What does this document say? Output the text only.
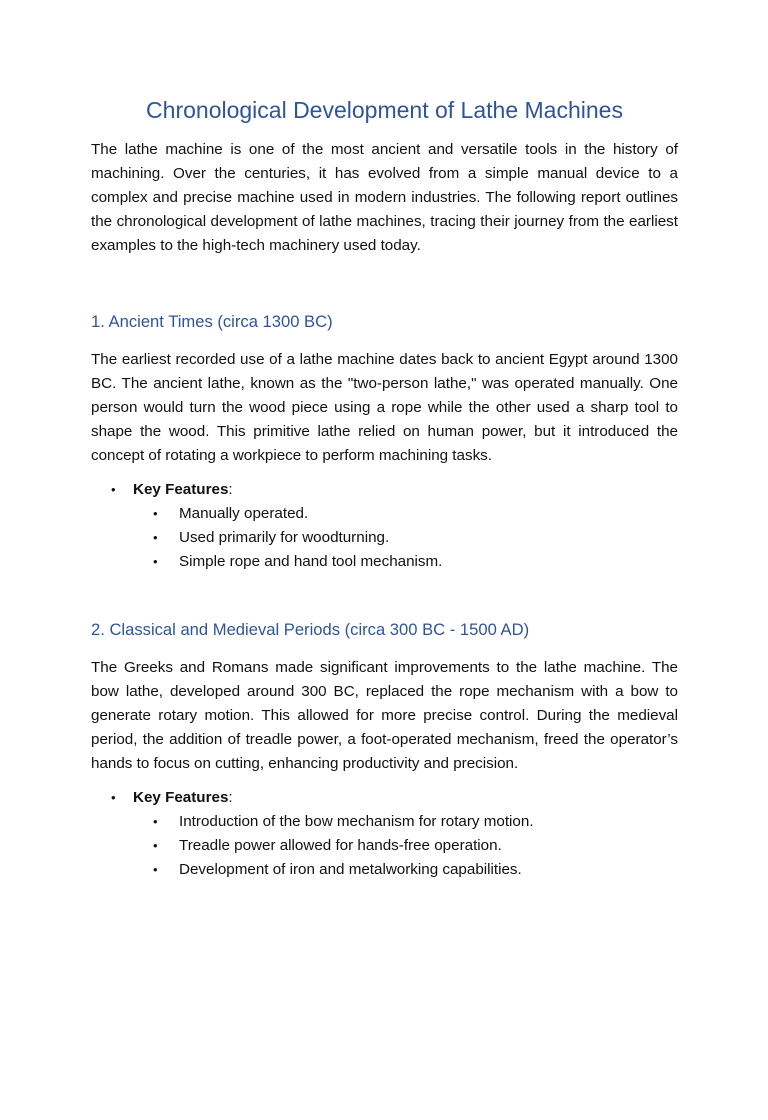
Chronological Development of Lathe Machines

The lathe machine is one of the most ancient and versatile tools in the history of machining. Over the centuries, it has evolved from a simple manual device to a complex and precise machine used in modern industries. The following report outlines the chronological development of lathe machines, tracing their journey from the earliest examples to the high-tech machinery used today.

1. Ancient Times (circa 1300 BC)

The earliest recorded use of a lathe machine dates back to ancient Egypt around 1300 BC. The ancient lathe, known as the "two-person lathe," was operated manually. One person would turn the wood piece using a rope while the other used a sharp tool to shape the wood. This primitive lathe relied on human power, but it introduced the concept of rotating a workpiece to perform machining tasks.

• Key Features:
• Manually operated.
• Used primarily for woodturning.
• Simple rope and hand tool mechanism.
2. Classical and Medieval Periods (circa 300 BC - 1500 AD)

The Greeks and Romans made significant improvements to the lathe machine. The bow lathe, developed around 300 BC, replaced the rope mechanism with a bow to generate rotary motion. This allowed for more precise control. During the medieval period, the addition of treadle power, a foot-operated mechanism, freed the operator’s hands to focus on cutting, enhancing productivity and precision.

• Key Features:
• Introduction of the bow mechanism for rotary motion.
• Treadle power allowed for hands-free operation.
• Development of iron and metalworking capabilities.
